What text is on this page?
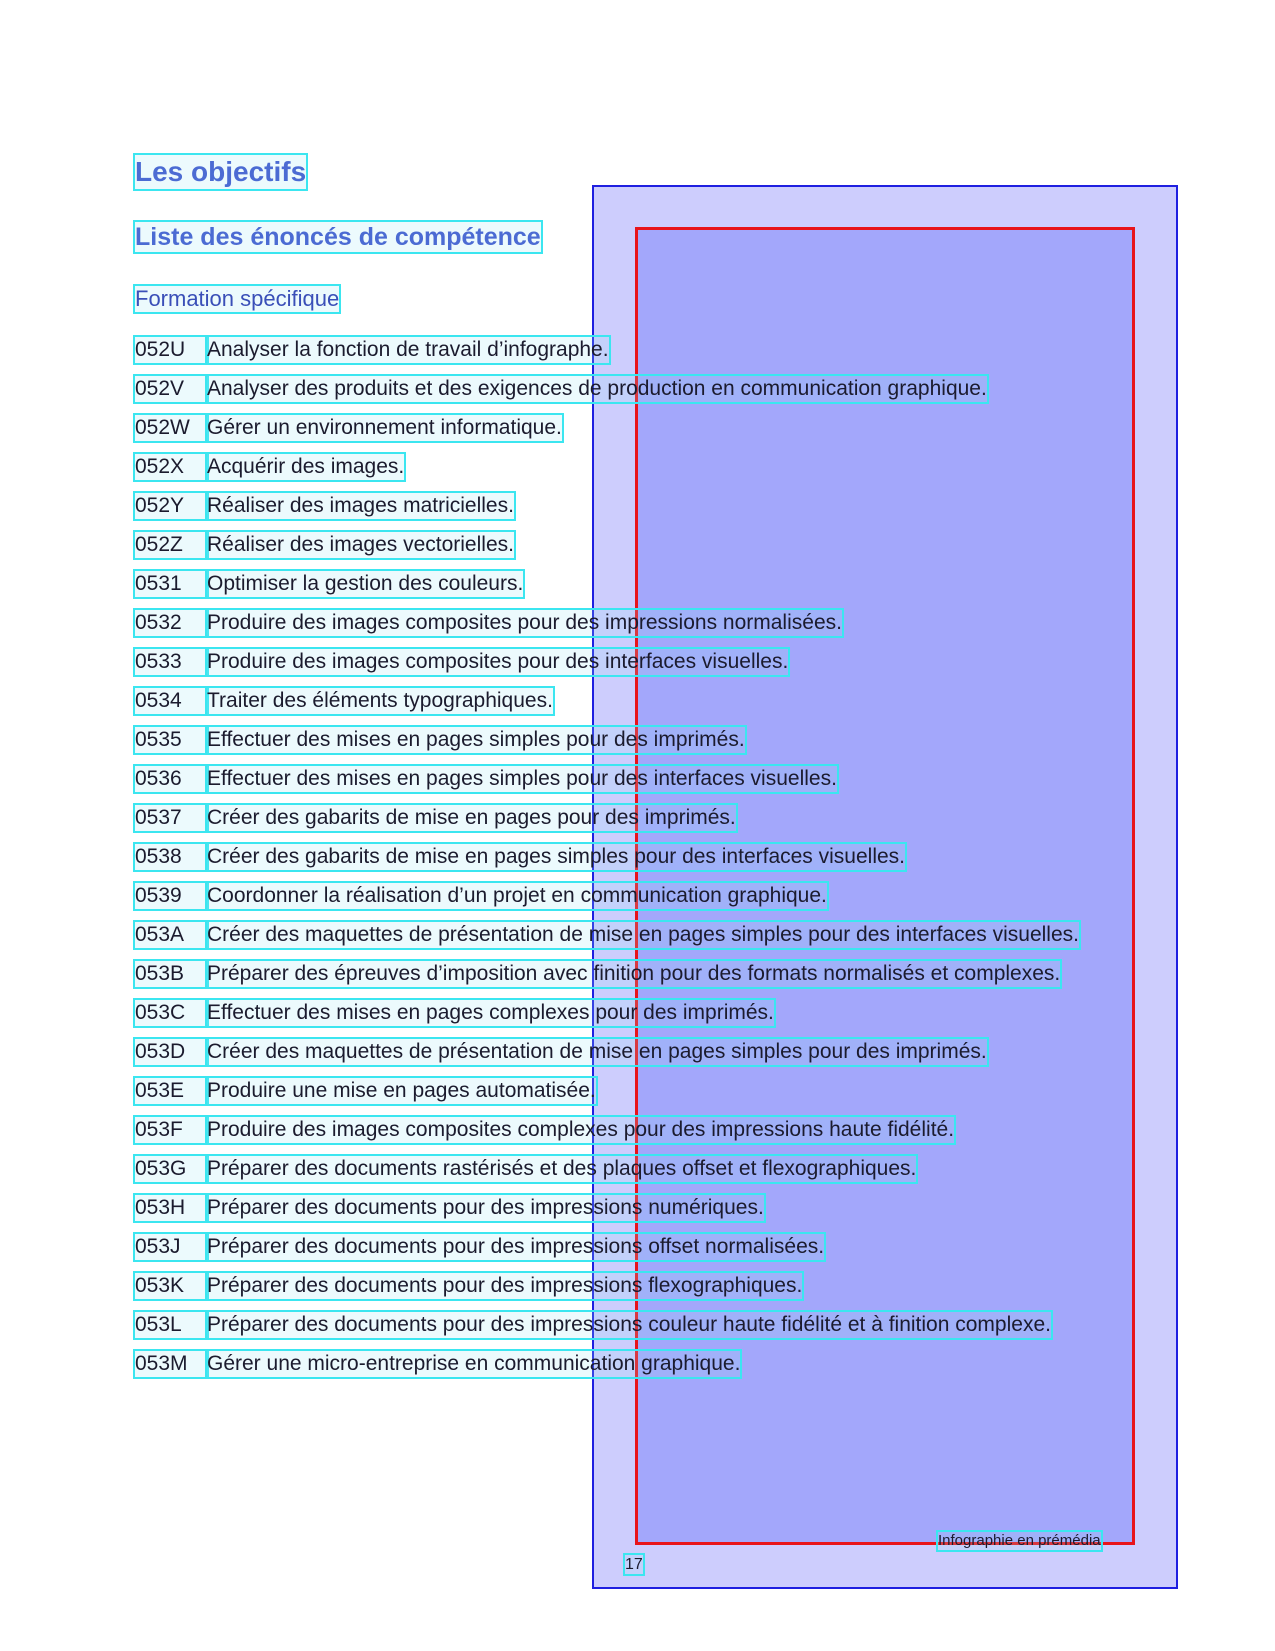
Les objectifs
Liste des énoncés de compétence
Formation spécifique
052U	Analyser la fonction de travail d’infographe.
052V	Analyser des produits et des exigences de production en communication graphique.
052W Gérer un environnement informatique.
052X	Acquérir des images.
052Y	Réaliser des images matricielles.
052Z	Réaliser des images vectorielles.
0531	Optimiser la gestion des couleurs.
0532	Produire des images composites pour des impressions normalisées.
0533	Produire des images composites pour des interfaces visuelles.
0534	Traiter des éléments typographiques.
0535	Effectuer des mises en pages simples pour des imprimés.
0536	Effectuer des mises en pages simples pour des interfaces visuelles.
0537	Créer des gabarits de mise en pages pour des imprimés.
0538	Créer des gabarits de mise en pages simples pour des interfaces visuelles.
0539	Coordonner la réalisation d’un projet en communication graphique.
053A	Créer des maquettes de présentation de mise en pages simples pour des interfaces visuelles.
053B	Préparer des épreuves d’imposition avec finition pour des formats normalisés et complexes.
053C	Effectuer des mises en pages complexes pour des imprimés.
053D	Créer des maquettes de présentation de mise en pages simples pour des imprimés.
053E	Produire une mise en pages automatisée.
053F	Produire des images composites complexes pour des impressions haute fidélité.
053G Préparer des documents rastérisés et des plaques offset et flexographiques.
053H	Préparer des documents pour des impressions numériques.
053J	Préparer des documents pour des impressions offset normalisées.
053K	Préparer des documents pour des impressions flexographiques.
053L	Préparer des documents pour des impressions couleur haute fidélité et à finition complexe.
053M Gérer une micro-entreprise en communication graphique.
Infographie en prémédia
17
